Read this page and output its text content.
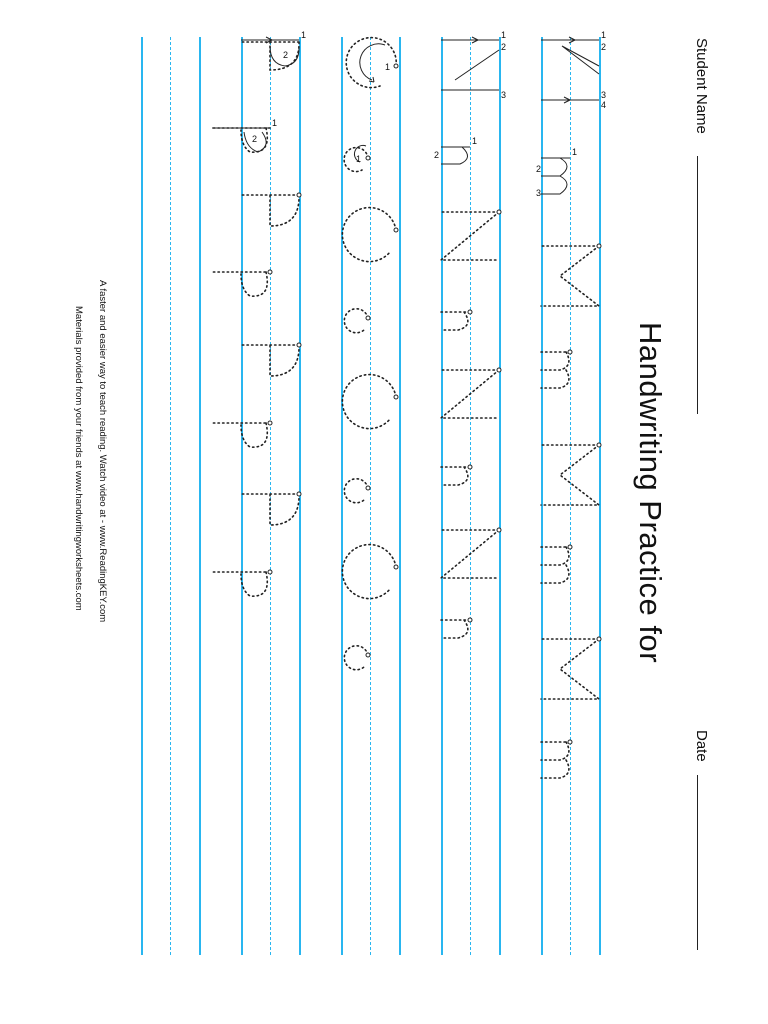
Student Name
Date
Handwriting Practice for
1
2
3
4
1
2
3
1
2
3
1
2
1
1
1
2
1
2
A faster and easier way to teach reading. Watch video at - www.ReadingKEY.com
Materials provided from your friends at www.handwritingworksheets.com
